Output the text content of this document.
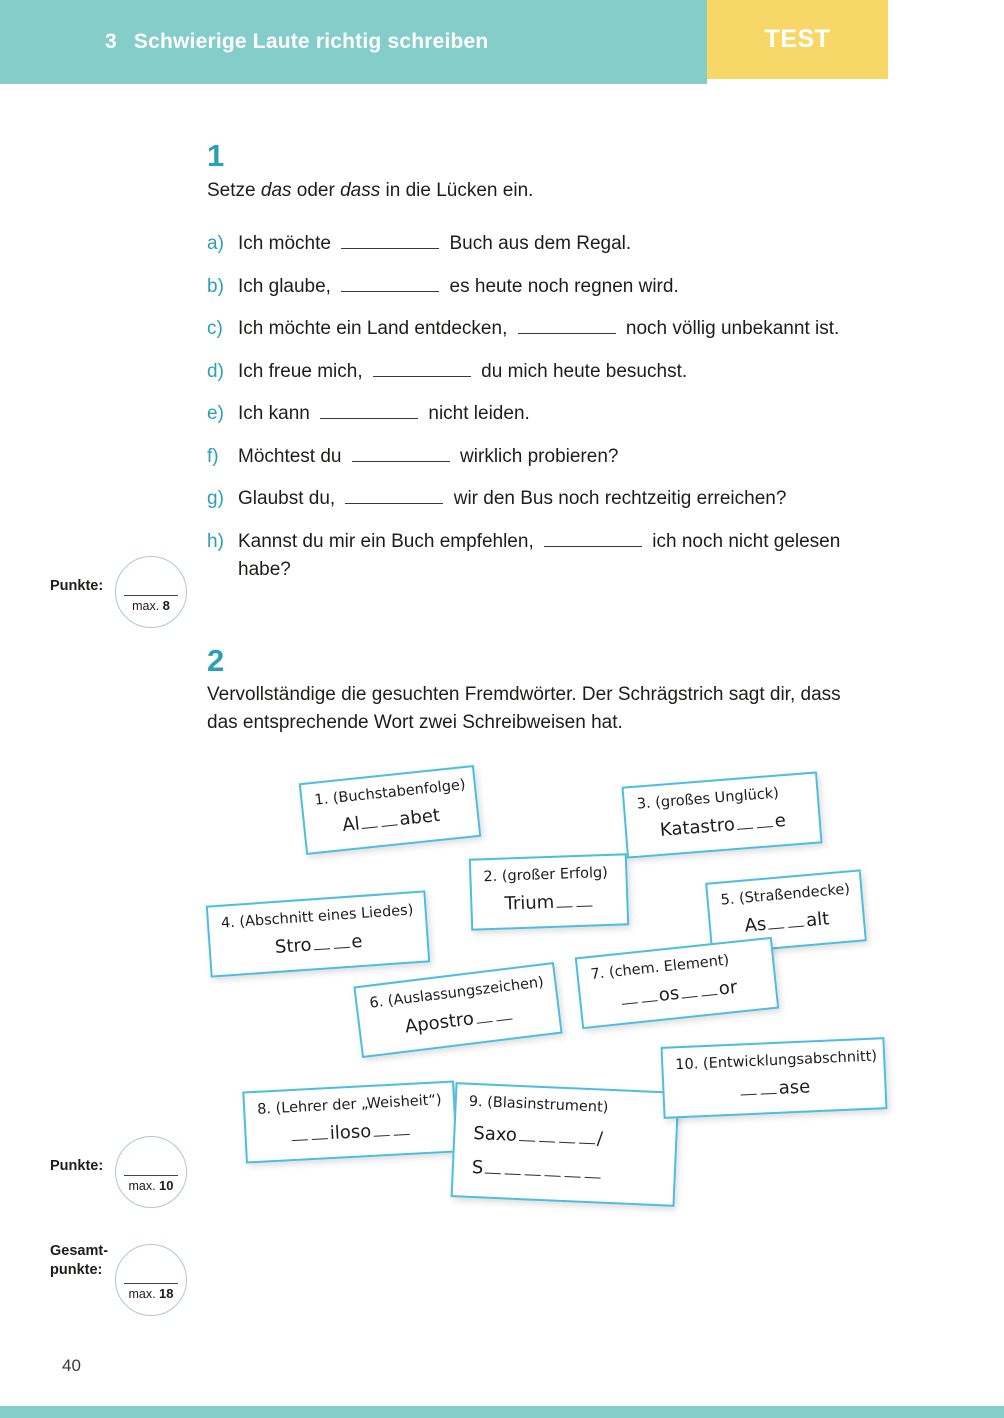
3 Schwierige Laute richtig schreiben	TEST
1
Setze das oder dass in die Lücken ein.
a) Ich möchte	Buch aus dem Regal.
b) Ich glaube,	es heute noch regnen wird.
c) Ich möchte ein Land entdecken,	noch völlig unbekannt ist.
d) Ich freue mich,	du mich heute besuchst.
e) Ich kann	nicht leiden.
f)	Möchtest du	wirklich probieren?
g) Glaubst du,	wir den Bus noch rechtzeitig erreichen?
h) Kannst du mir ein Buch empfehlen,	ich noch nicht gelesen habe?
Punkte:
max. 8
2
Vervollständige die gesuchten Fremdwörter. Der Schrägstrich sagt dir, dass das entsprechende Wort zwei Schreibweisen hat.
1. (Buchstabenfolge)
Al abet
2. (großer Erfolg)
Trium
3. (großes Unglück)
Katastro e
4. (Abschnitt eines Liedes)
Stro e
5. (Straßendecke)
As alt
6. (Auslassungszeichen)
Apostro
7. (chem. Element)
os or
8. (Lehrer der „Weisheit“)
iloso
9. (Blasinstrument)
Saxo	/
S
10. (Entwicklungsabschnitt)
ase
Punkte:
max. 10
Gesamt-
punkte:
max. 18
40
